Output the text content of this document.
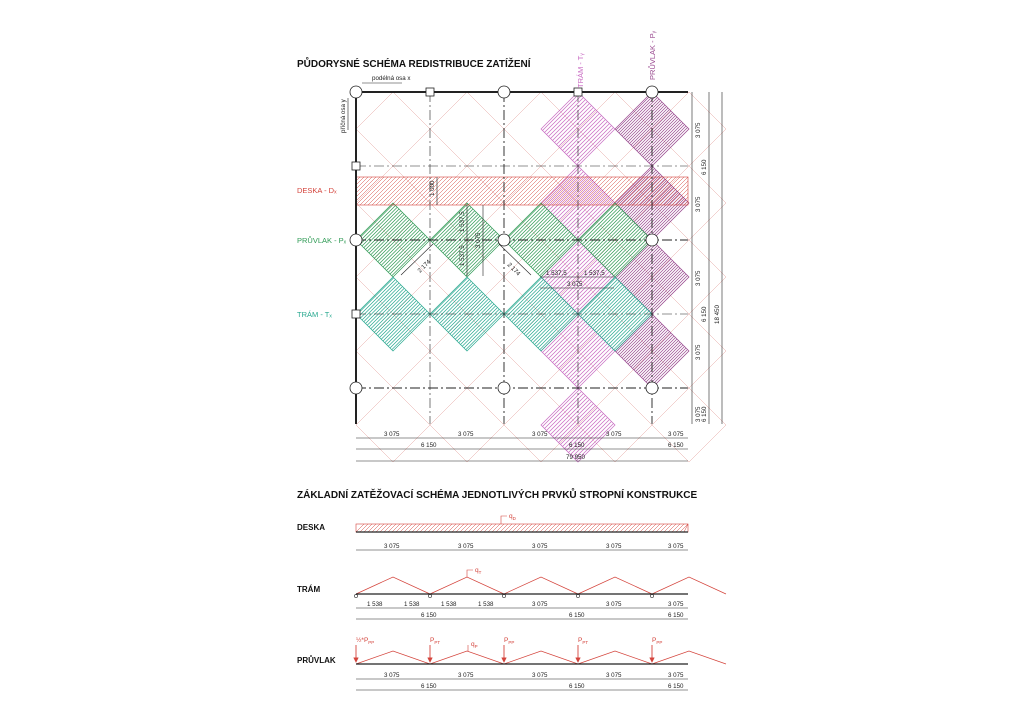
PŮDORYSNÉ SCHÉMA REDISTRIBUCE ZATÍŽENÍ
podélná osa x
příčná osa y
TRÁM - Tᵧ	PRŮVLAK - Pᵧ
DESKA - Dₓ
PRŮVLAK - Pₓ
TRÁM - Tₓ
1 000
1 537,5
1 537,5
3 075
2 174	2 174	1 537,5	1 537,5
3 075
3 075	3 075	3 075	3 075	3 075
6 150	6 150	6 150
79 950
3 075
3 075
3 075
3 075
3 075
6 150
6 150
6 150
18 450
ZÁKLADNÍ ZATĚŽOVACÍ SCHÉMA JEDNOTLIVÝCH PRVKŮ STROPNÍ KONSTRUKCE
DESKA
$q_D$
3 075	3 075	3 075	3 075	3 075
TRÁM
$q_T$
1 538	1 538	1 538	1 538	3 075	3 075	3 075
6 150	6 150	6 150
PRŮVLAK
$\frac{1}{2}*P_{PP}$	$P_{PT}$	$q_P$
$P_{PP}$	$P_{PT}$	$P_{PP}$
3 075	3 075	3 075	3 075	3 075
6 150	6 150	6 150
